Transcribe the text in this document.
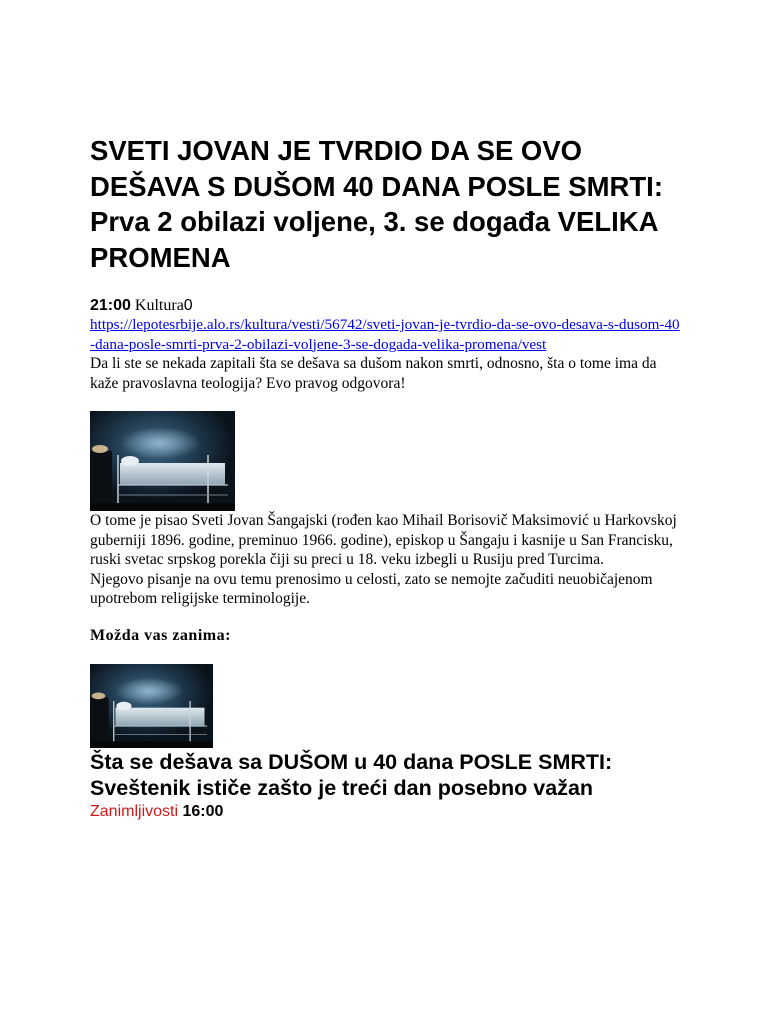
SVETI JOVAN JE TVRDIO DA SE OVO DEŠAVA S DUŠOM 40 DANA POSLE SMRTI: Prva 2 obilazi voljene, 3. se događa VELIKA PROMENA
21:00 Kultura0
https://lepotesrbije.alo.rs/kultura/vesti/56742/sveti-jovan-je-tvrdio-da-se-ovo-desava-s-dusom-40-dana-posle-smrti-prva-2-obilazi-voljene-3-se-dogada-velika-promena/vest

Da li ste se nekada zapitali šta se dešava sa dušom nakon smrti, odnosno, šta o tome ima da kaže pravoslavna teologija? Evo pravog odgovora!

O tome je pisao Sveti Jovan Šangajski (rođen kao Mihail Borisovič Maksimović u Harkovskoj guberniji 1896. godine, preminuo 1966. godine), episkop u Šangaju i kasnije u San Francisku, ruski svetac srpskog porekla čiji su preci u 18. veku izbegli u Rusiju pred Turcima.

Njegovo pisanje na ovu temu prenosimo u celosti, zato se nemojte začuditi neuobičajenom upotrebom religijske terminologije.

Možda vas zanima:
Šta se dešava sa DUŠOM u 40 dana POSLE SMRTI: Sveštenik ističe zašto je treći dan posebno važan
Zanimljivosti 16:00
